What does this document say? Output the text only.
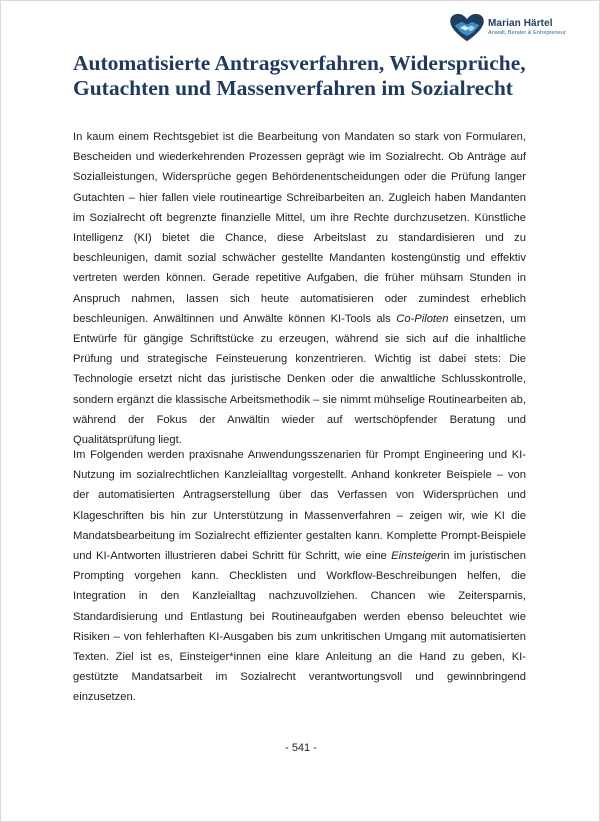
Marian Härtel
Anwalt, Berater & Entrepreneur
Automatisierte Antragsverfahren, Widersprüche, Gutachten und Massenverfahren im Sozialrecht

In kaum einem Rechtsgebiet ist die Bearbeitung von Mandaten so stark von Formularen, Bescheiden und wiederkehrenden Prozessen geprägt wie im Sozialrecht. Ob Anträge auf Sozialleistungen, Widersprüche gegen Behördenentscheidungen oder die Prüfung langer Gutachten – hier fallen viele routineartige Schreibarbeiten an. Zugleich haben Mandanten im Sozialrecht oft begrenzte finanzielle Mittel, um ihre Rechte durchzusetzen. Künstliche Intelligenz (KI) bietet die Chance, diese Arbeitslast zu standardisieren und zu beschleunigen, damit sozial schwächer gestellte Mandanten kostengünstig und effektiv vertreten werden können. Gerade repetitive Aufgaben, die früher mühsam Stunden in Anspruch nahmen, lassen sich heute automatisieren oder zumindest erheblich beschleunigen. Anwältinnen und Anwälte können KI-Tools als Co-Piloten einsetzen, um Entwürfe für gängige Schriftstücke zu erzeugen, während sie sich auf die inhaltliche Prüfung und strategische Feinsteuerung konzentrieren. Wichtig ist dabei stets: Die Technologie ersetzt nicht das juristische Denken oder die anwaltliche Schlusskontrolle, sondern ergänzt die klassische Arbeitsmethodik – sie nimmt mühselige Routinearbeiten ab, während der Fokus der Anwältin wieder auf wertschöpfender Beratung und Qualitätsprüfung liegt.

Im Folgenden werden praxisnahe Anwendungsszenarien für Prompt Engineering und KI-Nutzung im sozialrechtlichen Kanzleialltag vorgestellt. Anhand konkreter Beispiele – von der automatisierten Antragserstellung über das Verfassen von Widersprüchen und Klageschriften bis hin zur Unterstützung in Massenverfahren – zeigen wir, wie KI die Mandatsbearbeitung im Sozialrecht effizienter gestalten kann. Komplette Prompt-Beispiele und KI-Antworten illustrieren dabei Schritt für Schritt, wie eine Einsteigerin im juristischen Prompting vorgehen kann. Checklisten und Workflow-Beschreibungen helfen, die Integration in den Kanzleialltag nachzuvollziehen. Chancen wie Zeitersparnis, Standardisierung und Entlastung bei Routineaufgaben werden ebenso beleuchtet wie Risiken – von fehlerhaften KI-Ausgaben bis zum unkritischen Umgang mit automatisierten Texten. Ziel ist es, Einsteiger*innen eine klare Anleitung an die Hand zu geben, KI-gestützte Mandatsarbeit im Sozialrecht verantwortungsvoll und gewinnbringend einzusetzen.

- 541 -
